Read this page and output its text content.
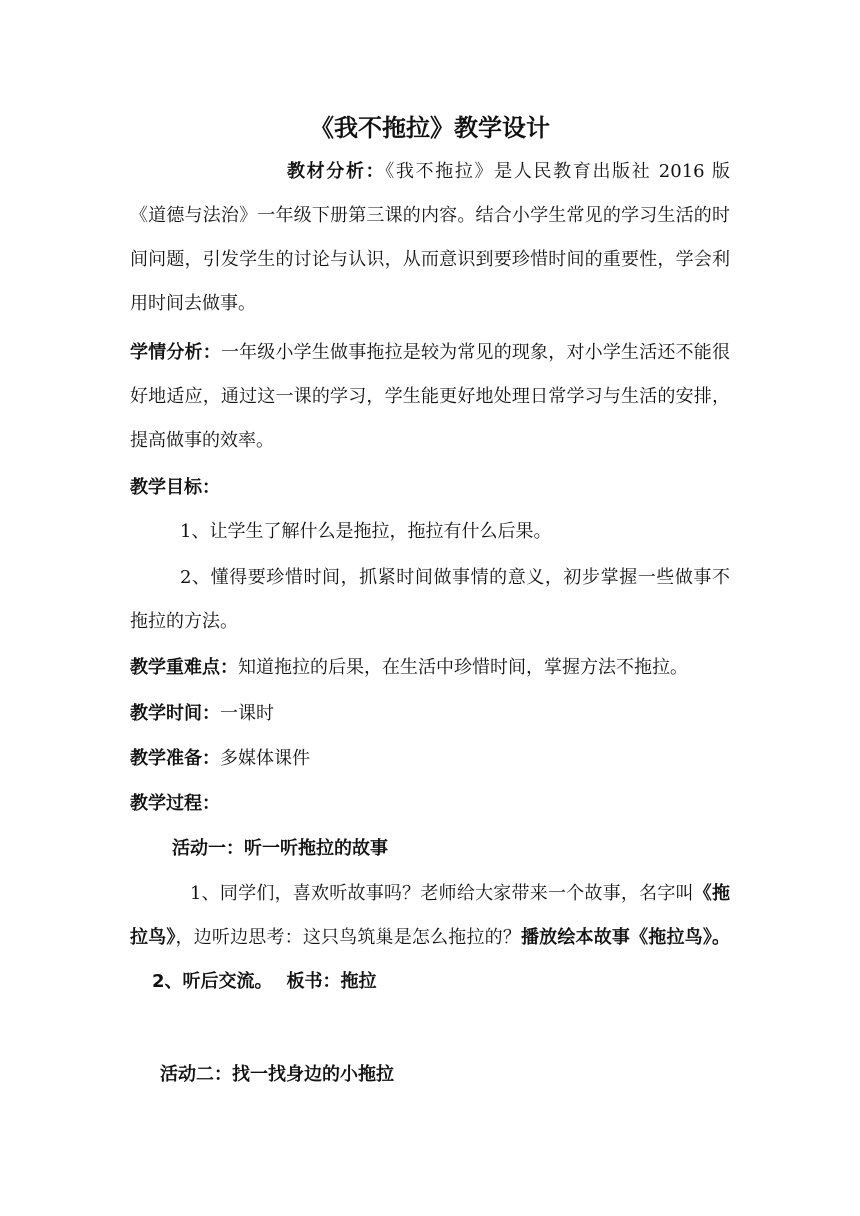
《我不拖拉》教学设计
教材分析：《我不拖拉》是人民教育出版社 2016 版《道德与法治》一年级下册第三课的内容。结合小学生常见的学习生活的时间问题，引发学生的讨论与认识，从而意识到要珍惜时间的重要性，学会利用时间去做事。
学情分析：一年级小学生做事拖拉是较为常见的现象，对小学生活还不能很好地适应，通过这一课的学习，学生能更好地处理日常学习与生活的安排，提高做事的效率。
教学目标：
1、让学生了解什么是拖拉，拖拉有什么后果。
2、懂得要珍惜时间，抓紧时间做事情的意义，初步掌握一些做事不拖拉的方法。
教学重难点：知道拖拉的后果，在生活中珍惜时间，掌握方法不拖拉。
教学时间：一课时
教学准备：多媒体课件
教学过程：
活动一：听一听拖拉的故事
1、同学们，喜欢听故事吗？老师给大家带来一个故事，名字叫《拖拉鸟》，边听边思考：这只鸟筑巢是怎么拖拉的？播放绘本故事《拖拉鸟》。2、听后交流。 板书：拖拉
活动二：找一找身边的小拖拉
